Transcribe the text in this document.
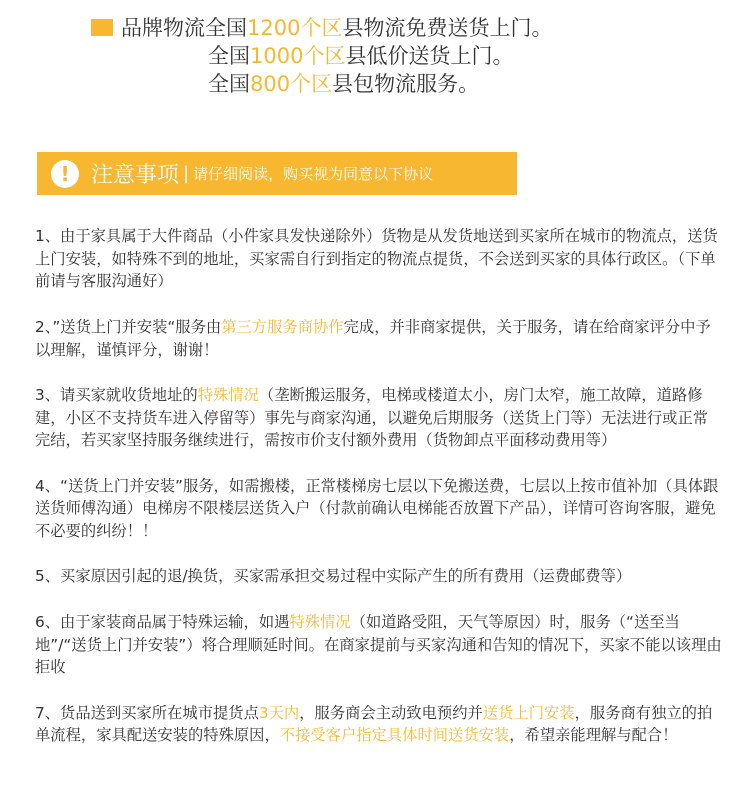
品牌物流全国1200个区县物流免费送货上门。
全国1000个区县低价送货上门。
全国800个区县包物流服务。
! 注意事项 | 请仔细阅读，购买视为同意以下协议

1、由于家具属于大件商品（小件家具发快递除外）货物是从发货地送到买家所在城市的物流点，送货上门安装，如特殊不到的地址，买家需自行到指定的物流点提货，不会送到买家的具体行政区。（下单前请与客服沟通好）

2、”送货上门并安装“服务由第三方服务商协作完成，并非商家提供，关于服务，请在给商家评分中予以理解，谨慎评分，谢谢！

3、请买家就收货地址的特殊情况（垄断搬运服务，电梯或楼道太小，房门太窄，施工故障，道路修建，小区不支持货车进入停留等）事先与商家沟通，以避免后期服务（送货上门等）无法进行或正常完结，若买家坚持服务继续进行，需按市价支付额外费用（货物卸点平面移动费用等）

4、“送货上门并安装”服务，如需搬楼，正常楼梯房七层以下免搬送费，七层以上按市值补加（具体跟送货师傅沟通）电梯房不限楼层送货入户（付款前确认电梯能否放置下产品），详情可咨询客服，避免不必要的纠纷！！

5、买家原因引起的退/换货，买家需承担交易过程中实际产生的所有费用（运费邮费等）

6、由于家装商品属于特殊运输，如遇特殊情况（如道路受阻，天气等原因）时，服务（“送至当地”/“送货上门并安装”）将合理顺延时间。在商家提前与买家沟通和告知的情况下，买家不能以该理由拒收

7、货品送到买家所在城市提货点3天内，服务商会主动致电预约并送货上门安装，服务商有独立的拍单流程，家具配送安装的特殊原因，不接受客户指定具体时间送货安装，希望亲能理解与配合！
